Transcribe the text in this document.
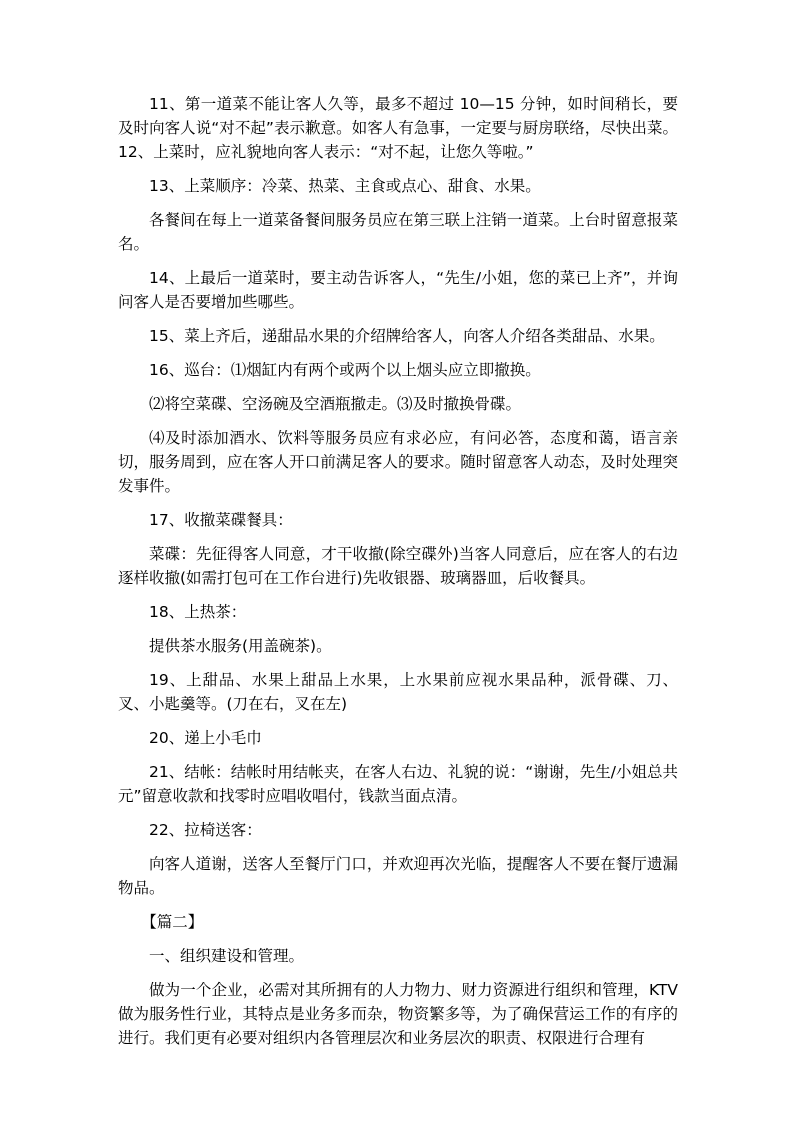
11、第一道菜不能让客人久等，最多不超过 10—15 分钟，如时间稍长，要及时向客人说“对不起”表示歉意。如客人有急事，一定要与厨房联络，尽快出菜。12、上菜时，应礼貌地向客人表示：“对不起，让您久等啦。”

13、上菜顺序：冷菜、热菜、主食或点心、甜食、水果。

各餐间在每上一道菜备餐间服务员应在第三联上注销一道菜。上台时留意报菜名。

14、上最后一道菜时，要主动告诉客人，“先生/小姐，您的菜已上齐”，并询问客人是否要增加些哪些。

15、菜上齐后，递甜品水果的介绍牌给客人，向客人介绍各类甜品、水果。

16、巡台：⑴烟缸内有两个或两个以上烟头应立即撤换。

⑵将空菜碟、空汤碗及空酒瓶撤走。⑶及时撤换骨碟。

⑷及时添加酒水、饮料等服务员应有求必应，有问必答，态度和蔼，语言亲切，服务周到，应在客人开口前满足客人的要求。随时留意客人动态，及时处理突发事件。

17、收撤菜碟餐具：

菜碟：先征得客人同意，才干收撤(除空碟外)当客人同意后，应在客人的右边逐样收撤(如需打包可在工作台进行)先收银器、玻璃器皿，后收餐具。

18、上热茶：

提供茶水服务(用盖碗茶)。

19、上甜品、水果上甜品上水果，上水果前应视水果品种，派骨碟、刀、叉、小匙羹等。(刀在右，叉在左)

20、递上小毛巾

21、结帐：结帐时用结帐夹，在客人右边、礼貌的说：“谢谢，先生/小姐总共元”留意收款和找零时应唱收唱付，钱款当面点清。

22、拉椅送客：

向客人道谢，送客人至餐厅门口，并欢迎再次光临，提醒客人不要在餐厅遗漏物品。

【篇二】

一、组织建设和管理。

做为一个企业，必需对其所拥有的人力物力、财力资源进行组织和管理，KTV 做为服务性行业，其特点是业务多而杂，物资繁多等，为了确保营运工作的有序的进行。我们更有必要对组织内各管理层次和业务层次的职责、权限进行合理有
